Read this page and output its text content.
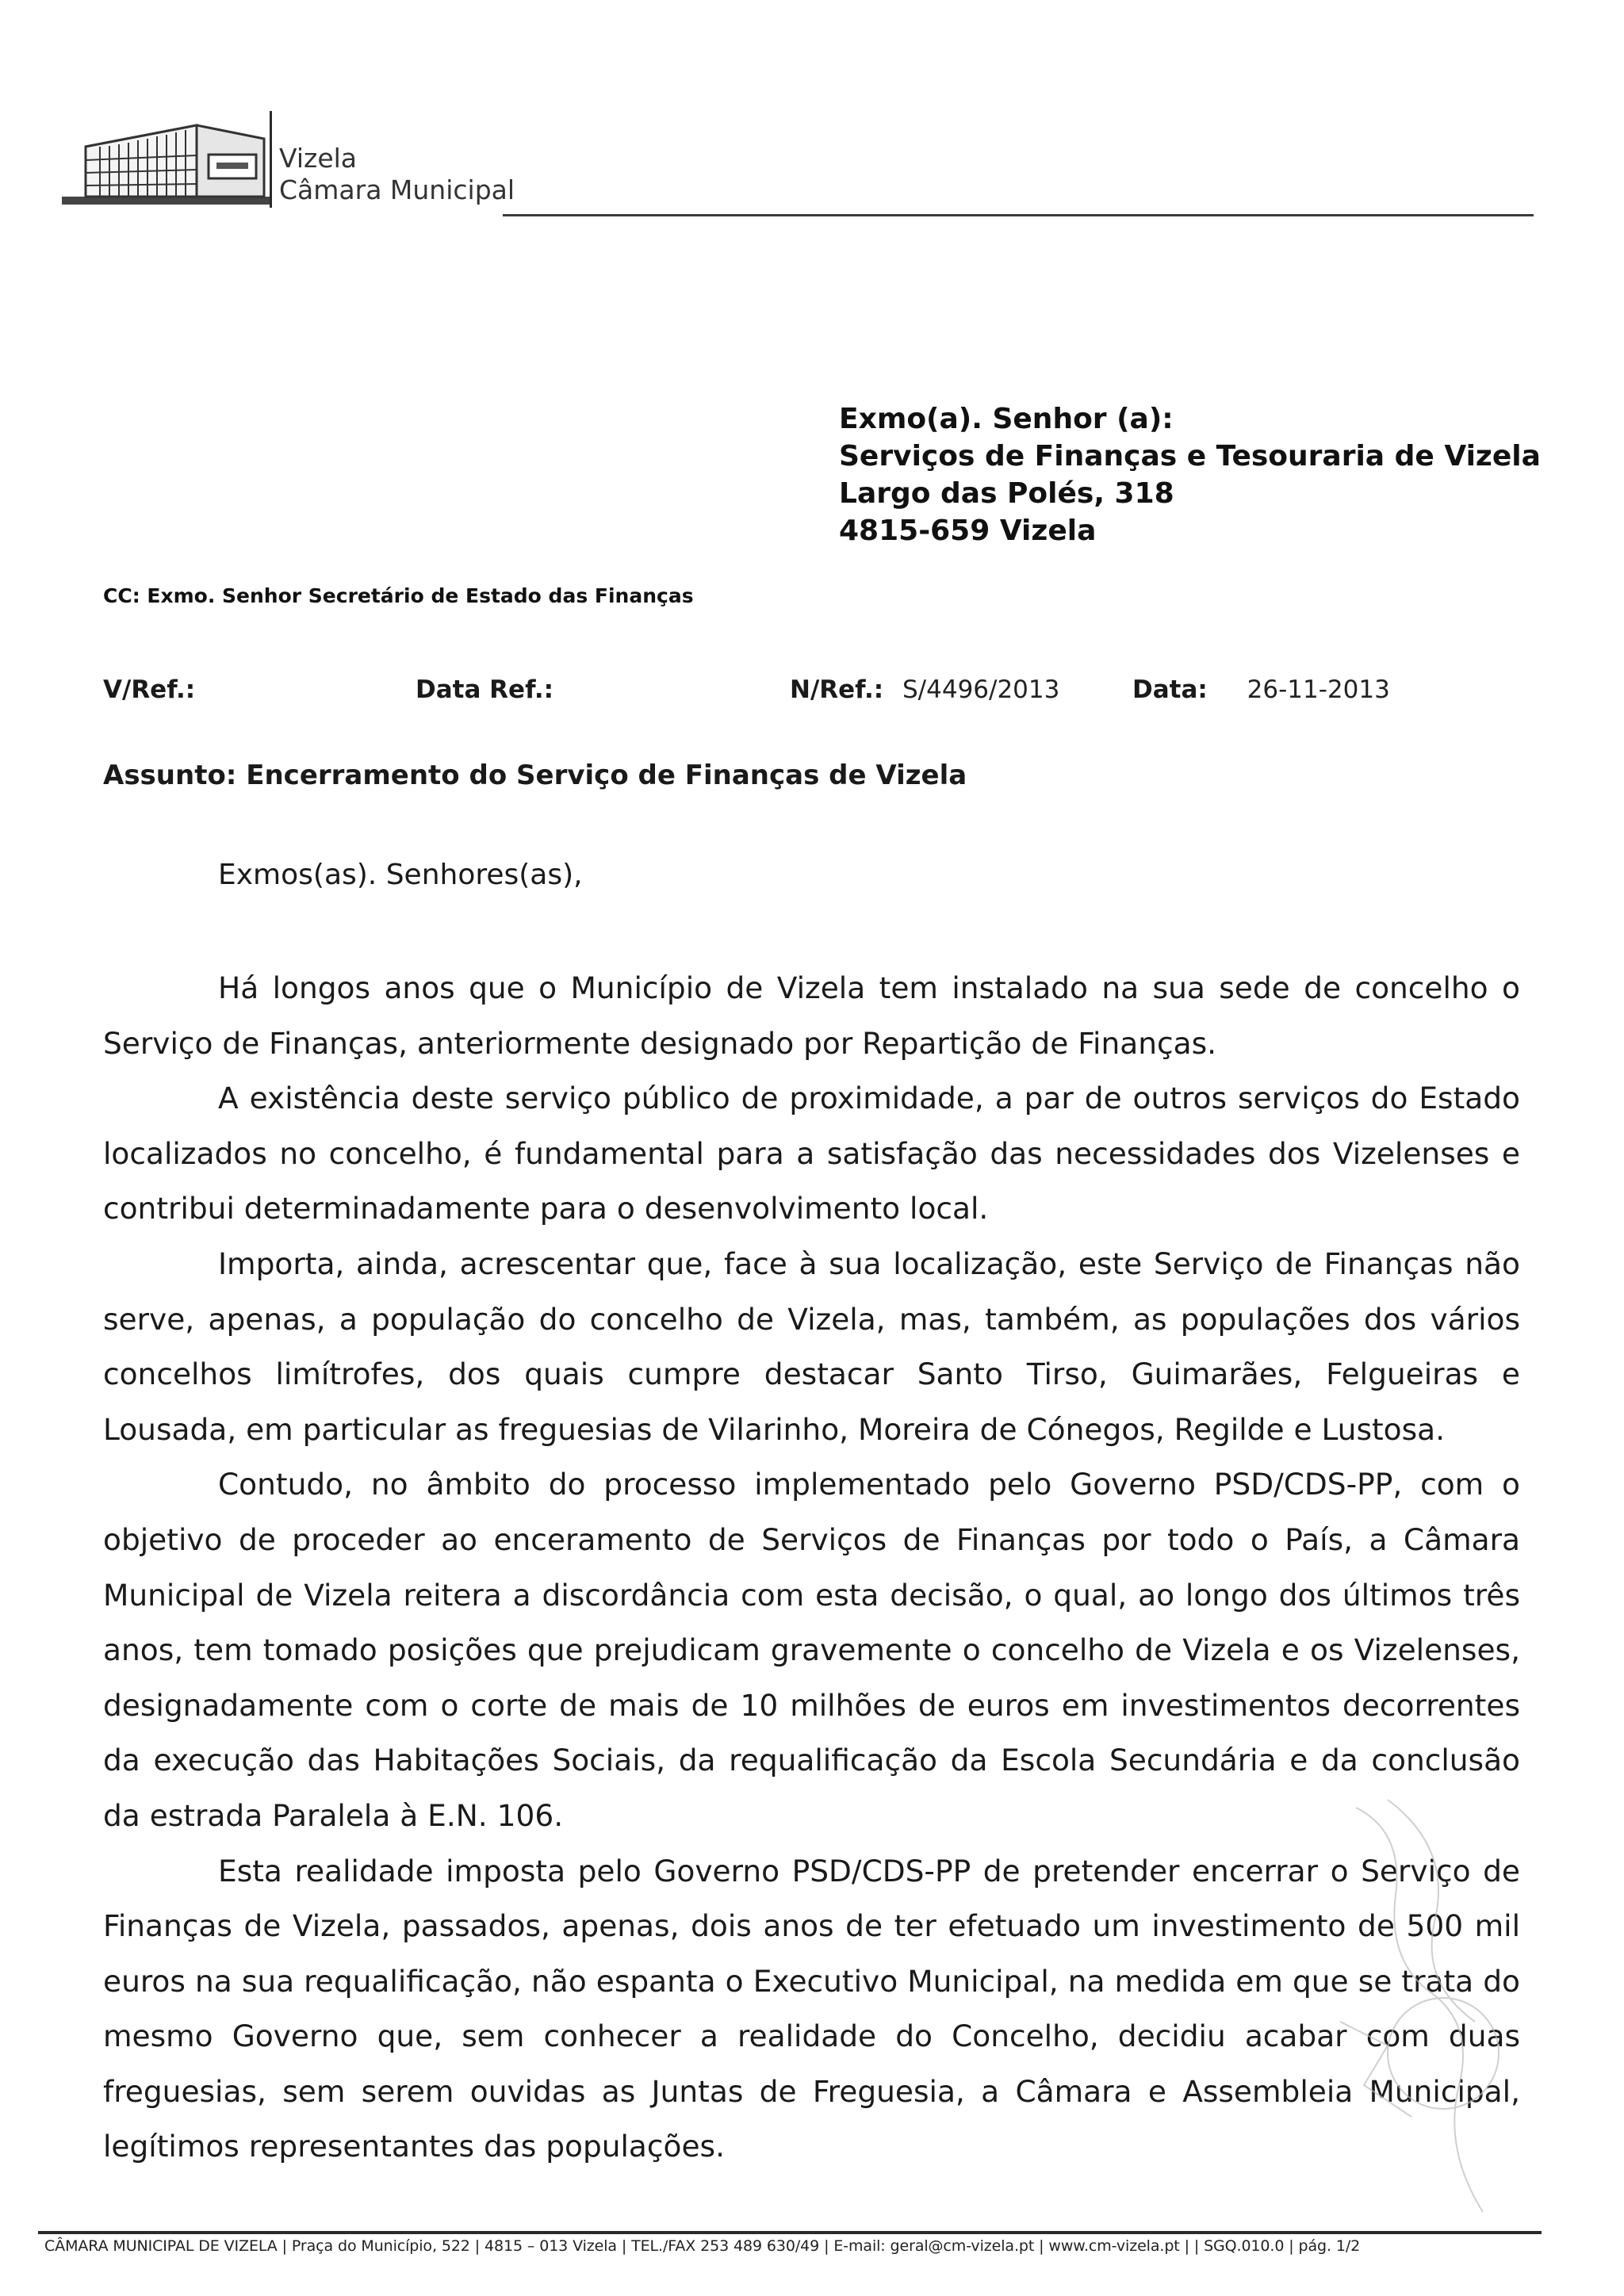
Vizela
Câmara Municipal
Exmo(a). Senhor (a):
Serviços de Finanças e Tesouraria de Vizela
Largo das Polés, 318
4815-659 Vizela
CC: Exmo. Senhor Secretário de Estado das Finanças
V/Ref.:	Data Ref.:	N/Ref.: S/4496/2013	Data: 26-11-2013
Assunto: Encerramento do Serviço de Finanças de Vizela
Exmos(as). Senhores(as),

Há longos anos que o Município de Vizela tem instalado na sua sede de concelho o Serviço de Finanças, anteriormente designado por Repartição de Finanças.

A existência deste serviço público de proximidade, a par de outros serviços do Estado localizados no concelho, é fundamental para a satisfação das necessidades dos Vizelenses e contribui determinadamente para o desenvolvimento local.

Importa, ainda, acrescentar que, face à sua localização, este Serviço de Finanças não serve, apenas, a população do concelho de Vizela, mas, também, as populações dos vários concelhos limítrofes, dos quais cumpre destacar Santo Tirso, Guimarães, Felgueiras e Lousada, em particular as freguesias de Vilarinho, Moreira de Cónegos, Regilde e Lustosa.

Contudo, no âmbito do processo implementado pelo Governo PSD/CDS-PP, com o objetivo de proceder ao enceramento de Serviços de Finanças por todo o País, a Câmara Municipal de Vizela reitera a discordância com esta decisão, o qual, ao longo dos últimos três anos, tem tomado posições que prejudicam gravemente o concelho de Vizela e os Vizelenses, designadamente com o corte de mais de 10 milhões de euros em investimentos decorrentes da execução das Habitações Sociais, da requalificação da Escola Secundária e da conclusão da estrada Paralela à E.N. 106.

Esta realidade imposta pelo Governo PSD/CDS-PP de pretender encerrar o Serviço de Finanças de Vizela, passados, apenas, dois anos de ter efetuado um investimento de 500 mil euros na sua requalificação, não espanta o Executivo Municipal, na medida em que se trata do mesmo Governo que, sem conhecer a realidade do Concelho, decidiu acabar com duas freguesias, sem serem ouvidas as Juntas de Freguesia, a Câmara e Assembleia Municipal, legítimos representantes das populações.

CÂMARA MUNICIPAL DE VIZELA | Praça do Município, 522 | 4815 – 013 Vizela | TEL./FAX 253 489 630/49 | E-mail: geral@cm-vizela.pt | www.cm-vizela.pt | | SGQ.010.0 | pág. 1/2
